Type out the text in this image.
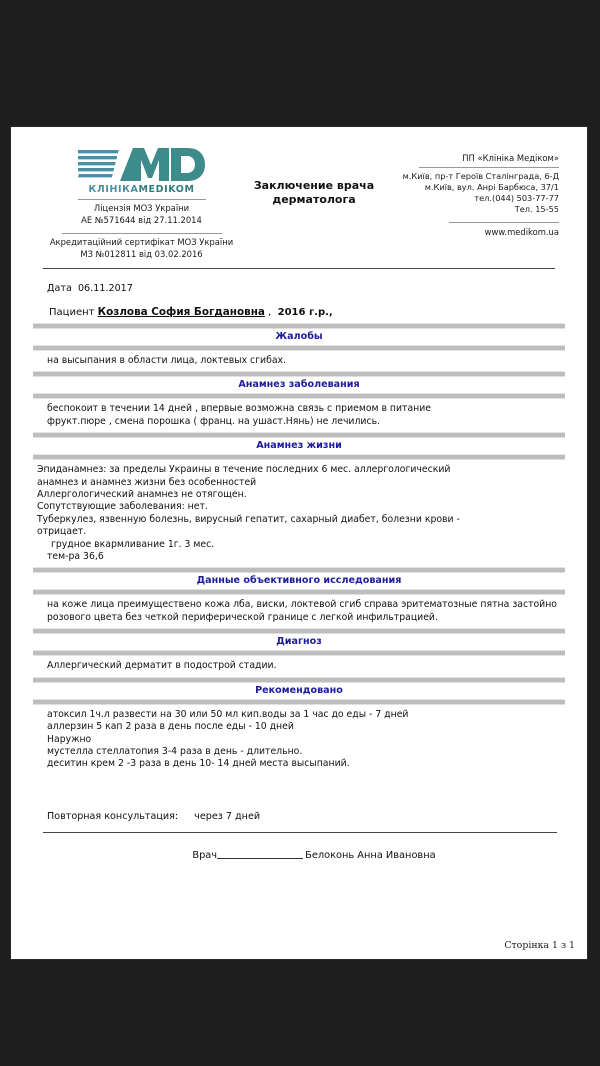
КЛІНІКАMEDIKOM
Ліцензія МОЗ України
АЕ №571644 від 27.11.2014
Акредитаційний сертифікат МОЗ України
МЗ №012811 від 03.02.2016
Заключение врача
дерматолога
ПП «Клініка Медіком»
м.Київ, пр-т Героїв Сталінграда, 6-Д
м.Київ, вул. Анрі Барбюса, 37/1
тел.(044) 503-77-77
Тел. 15-55
www.medikom.ua
Дата 06.11.2017
Пациент Козлова София Богдановна , 2016 г.р.,
Жалобы

на высыпания в области лица, локтевых сгибах.

Анамнез заболевания

беспокоит в течении 14 дней , впервые возможна связь с приемом в питание

фрукт.пюре , смена порошка ( франц. на ушаст.Нянь) не лечились.

Анамнез жизни

Эпиданамнез: за пределы Украины в течение последних 6 мес. аллергологический

анамнез и анамнез жизни без особенностей

Аллергологический анамнез не отягощен.

Сопутствующие заболевания: нет.

Туберкулез, язвенную болезнь, вирусный гепатит, сахарный диабет, болезни крови -

отрицает.

грудное вкармливание 1г. 3 мес.

тем-ра 36,6

Данные объективного исследования

на коже лица преимуществено кожа лба, виски, локтевой сгиб справа эритематозные пятна застойно розового цвета без четкой периферической границе с легкой инфильтрацией.

Диагноз

Аллергический дерматит в подострой стадии.

Рекомендовано

атоксил 1ч.л развести на 30 или 50 мл кип.воды за 1 час до еды - 7 дней

аллерзин 5 кап 2 раза в день после еды - 10 дней

Наружно

мустелла стеллатопия 3-4 раза в день - длительно.

деситин крем 2 -3 раза в день 10- 14 дней места высыпаний.

Повторная консультация: через 7 дней
Врач	Белоконь Анна Ивановна
Сторінка 1 з 1
